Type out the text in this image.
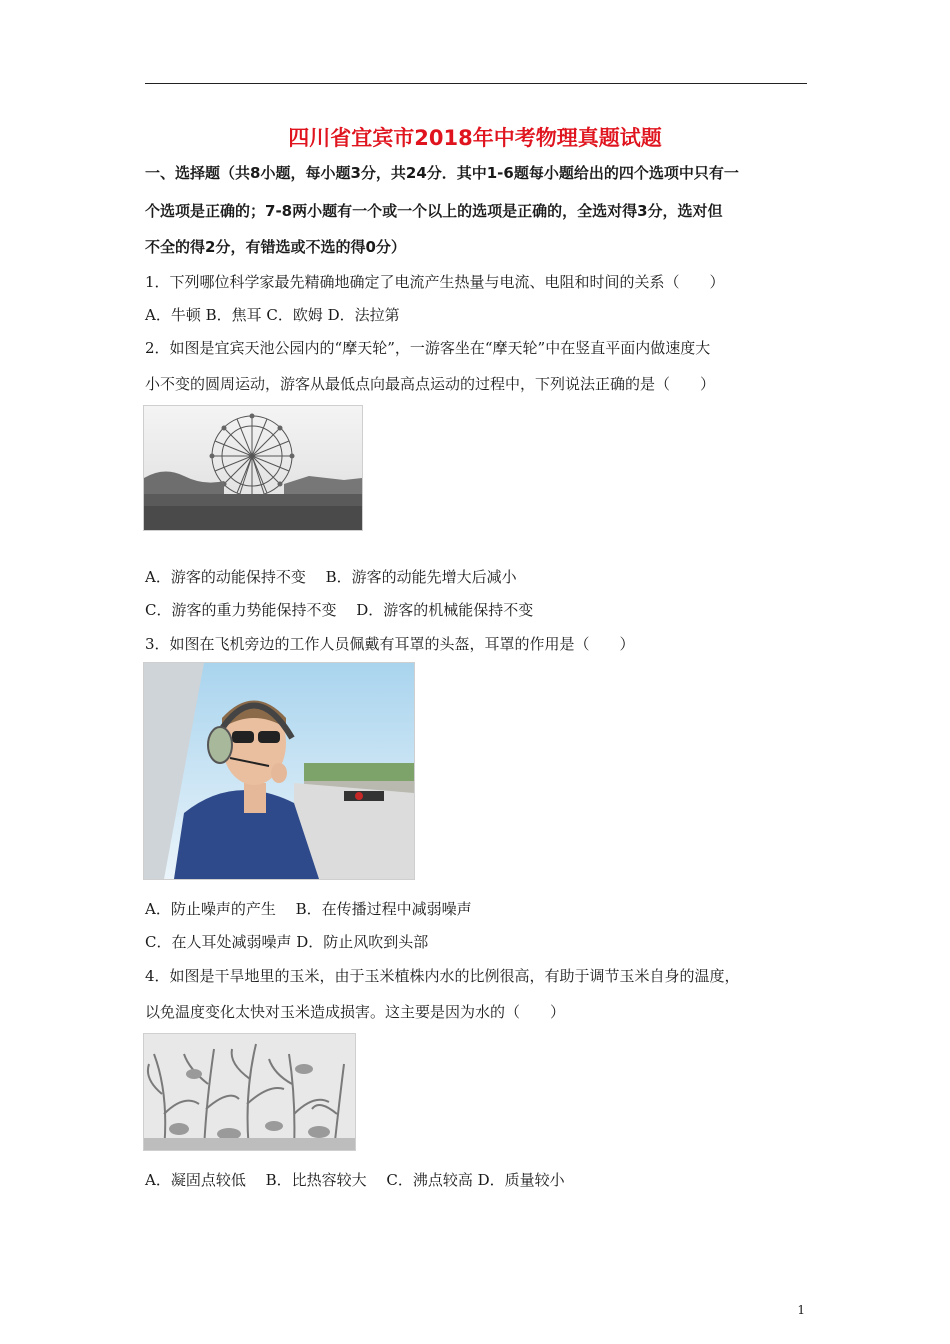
四川省宜宾市2018年中考物理真题试题
一、选择题（共8小题，每小题3分，共24分．其中1-6题每小题给出的四个选项中只有一
个选项是正确的；7-8两小题有一个或一个以上的选项是正确的，全选对得3分，选对但
不全的得2分，有错选或不选的得0分）
1．下列哪位科学家最先精确地确定了电流产生热量与电流、电阻和时间的关系（　　）
A．牛顿 B．焦耳 C．欧姆 D．法拉第
2．如图是宜宾天池公园内的“摩天轮”，一游客坐在“摩天轮”中在竖直平面内做速度大
小不变的圆周运动，游客从最低点向最高点运动的过程中，下列说法正确的是（　　）
A．游客的动能保持不变　 B．游客的动能先增大后减小
C．游客的重力势能保持不变　 D．游客的机械能保持不变
3．如图在飞机旁边的工作人员佩戴有耳罩的头盔，耳罩的作用是（　　）
A．防止噪声的产生　 B．在传播过程中减弱噪声
C．在人耳处减弱噪声 D．防止风吹到头部
4．如图是干旱地里的玉米，由于玉米植株内水的比例很高，有助于调节玉米自身的温度，
以免温度变化太快对玉米造成损害。这主要是因为水的（　　）
A．凝固点较低　 B．比热容较大　 C．沸点较高 D．质量较小
1
